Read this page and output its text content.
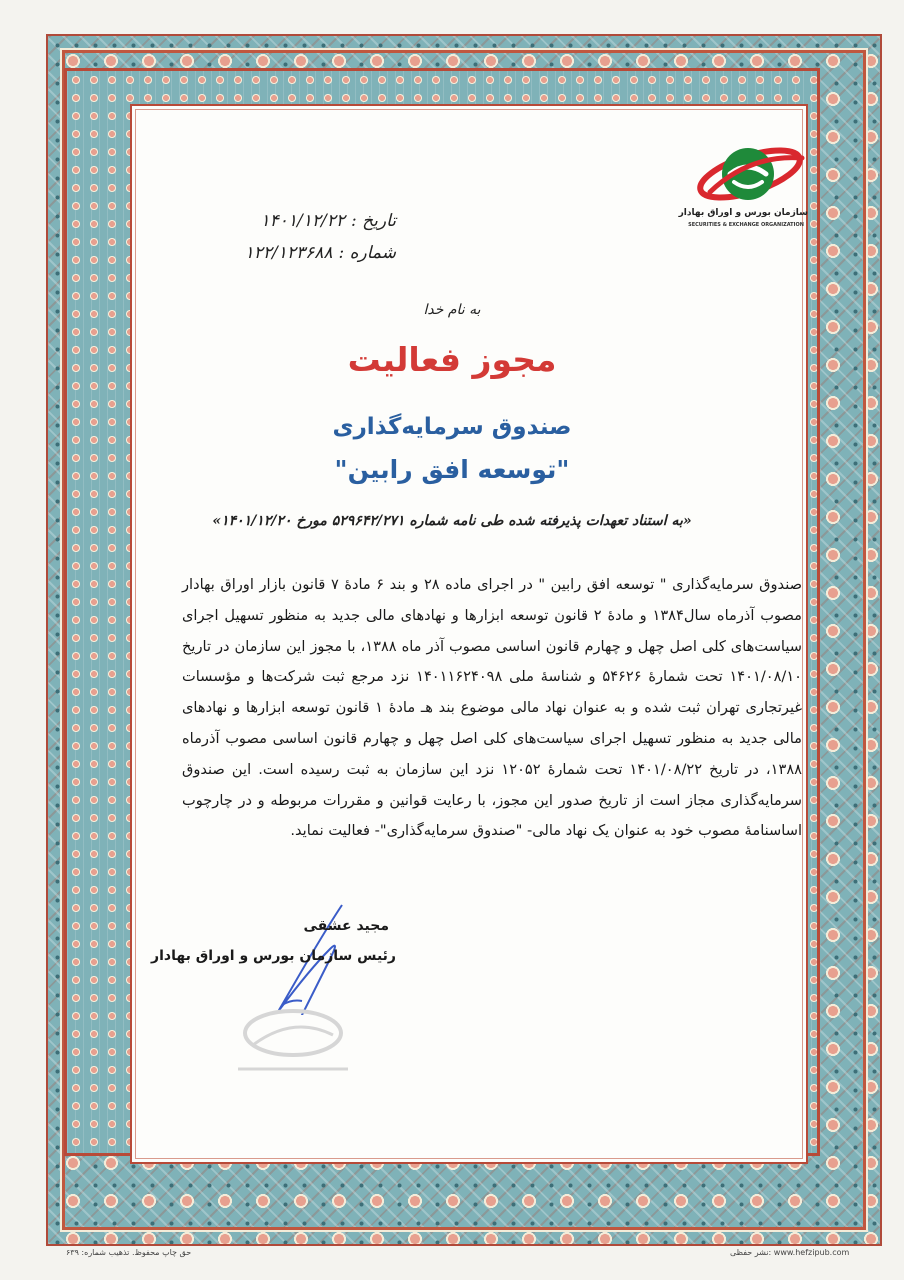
سازمان بورس و اوراق بهادار
SECURITIES & EXCHANGE ORGANIZATION
تاریخ :۱۴۰۱/۱۲/۲۲
شماره :۱۲۲/۱۲۳۶۸۸
به نام خدا
مجوز فعالیت
صندوق سرمایه‌گذاری
"توسعه افق رابین"
«به استناد تعهدات پذیرفته شده طی نامه شماره ۵۲۹۶۴۲/۲۷۱ مورخ ۱۴۰۱/۱۲/۲۰»
صندوق سرمایه‌گذاری " توسعه افق رابین " در اجرای ماده ۲۸ و بند ۶ مادهٔ ۷ قانون بازار اوراق بهادار مصوب آذرماه سال۱۳۸۴ و مادهٔ ۲ قانون توسعه ابزارها و نهادهای مالی جدید به منظور تسهیل اجرای سیاست‌های کلی اصل چهل و چهارم قانون اساسی مصوب آذر ماه ۱۳۸۸، با مجوز این سازمان در تاریخ ۱۴۰۱/۰۸/۱۰ تحت شمارهٔ ۵۴۶۲۶ و شناسهٔ ملی ۱۴۰۱۱۶۲۴۰۹۸ نزد مرجع ثبت شرکت‌ها و مؤسسات غیرتجاری تهران ثبت شده و به عنوان نهاد مالی موضوع بند هـ مادهٔ ۱ قانون توسعه ابزارها و نهادهای مالی جدید به منظور تسهیل اجرای سیاست‌های کلی اصل چهل و چهارم قانون اساسی مصوب آذرماه ۱۳۸۸، در تاریخ ۱۴۰۱/۰۸/۲۲ تحت شمارهٔ ۱۲۰۵۲ نزد این سازمان به ثبت رسیده است. این صندوق سرمایه‌گذاری مجاز است از تاریخ صدور این مجوز، با رعایت قوانین و مقررات مربوطه و در چارچوب اساسنامهٔ مصوب خود به عنوان یک نهاد مالی- "صندوق سرمایه‌گذاری"- فعالیت نماید.
مجید عشقی
رئیس سازمان بورس و اوراق بهادار
حق چاپ محفوظ. تذهیب شماره: ۶۳۹	www.hefzipub.com :نشر حفظی
